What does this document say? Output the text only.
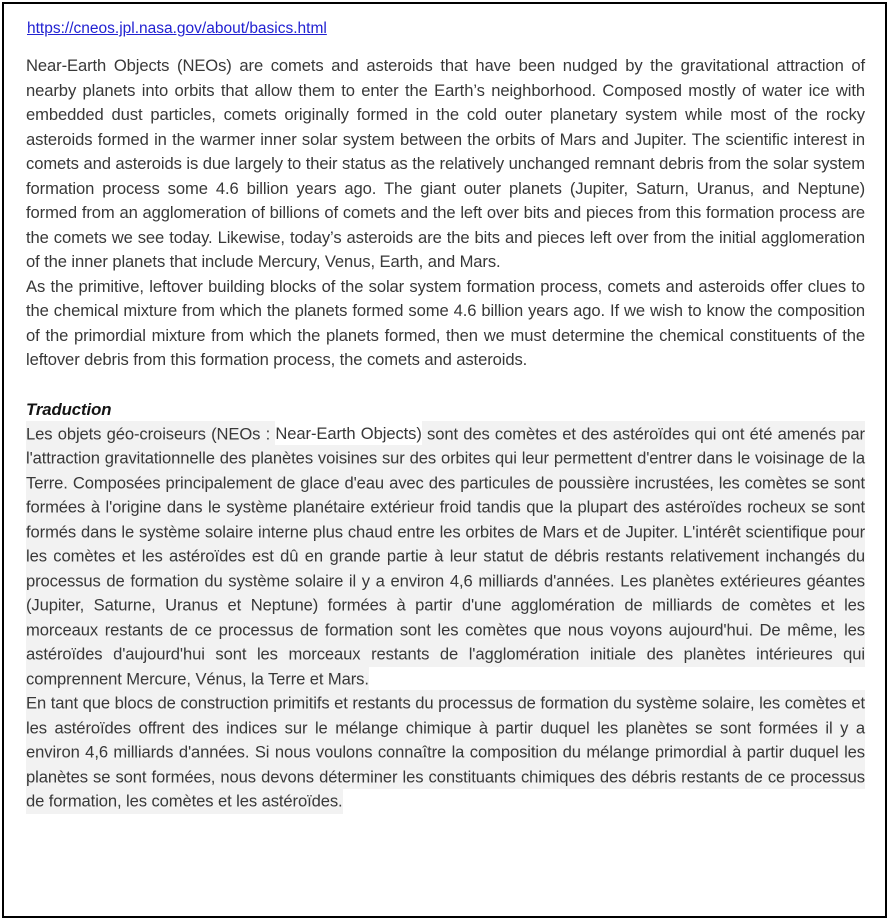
https://cneos.jpl.nasa.gov/about/basics.html

Near-Earth Objects (NEOs) are comets and asteroids that have been nudged by the gravitational attraction of nearby planets into orbits that allow them to enter the Earth’s neighborhood. Composed mostly of water ice with embedded dust particles, comets originally formed in the cold outer planetary system while most of the rocky asteroids formed in the warmer inner solar system between the orbits of Mars and Jupiter. The scientific interest in comets and asteroids is due largely to their status as the relatively unchanged remnant debris from the solar system formation process some 4.6 billion years ago. The giant outer planets (Jupiter, Saturn, Uranus, and Neptune) formed from an agglomeration of billions of comets and the left over bits and pieces from this formation process are the comets we see today. Likewise, today’s asteroids are the bits and pieces left over from the initial agglomeration of the inner planets that include Mercury, Venus, Earth, and Mars.

As the primitive, leftover building blocks of the solar system formation process, comets and asteroids offer clues to the chemical mixture from which the planets formed some 4.6 billion years ago. If we wish to know the composition of the primordial mixture from which the planets formed, then we must determine the chemical constituents of the leftover debris from this formation process, the comets and asteroids.

Traduction

Les objets géo-croiseurs (NEOs : Near-Earth Objects) sont des comètes et des astéroïdes qui ont été amenés par l'attraction gravitationnelle des planètes voisines sur des orbites qui leur permettent d'entrer dans le voisinage de la Terre. Composées principalement de glace d'eau avec des particules de poussière incrustées, les comètes se sont formées à l'origine dans le système planétaire extérieur froid tandis que la plupart des astéroïdes rocheux se sont formés dans le système solaire interne plus chaud entre les orbites de Mars et de Jupiter. L'intérêt scientifique pour les comètes et les astéroïdes est dû en grande partie à leur statut de débris restants relativement inchangés du processus de formation du système solaire il y a environ 4,6 milliards d'années. Les planètes extérieures géantes (Jupiter, Saturne, Uranus et Neptune) formées à partir d'une agglomération de milliards de comètes et les morceaux restants de ce processus de formation sont les comètes que nous voyons aujourd'hui. De même, les astéroïdes d'aujourd'hui sont les morceaux restants de l'agglomération initiale des planètes intérieures qui comprennent Mercure, Vénus, la Terre et Mars.

En tant que blocs de construction primitifs et restants du processus de formation du système solaire, les comètes et les astéroïdes offrent des indices sur le mélange chimique à partir duquel les planètes se sont formées il y a environ 4,6 milliards d'années. Si nous voulons connaître la composition du mélange primordial à partir duquel les planètes se sont formées, nous devons déterminer les constituants chimiques des débris restants de ce processus de formation, les comètes et les astéroïdes.
